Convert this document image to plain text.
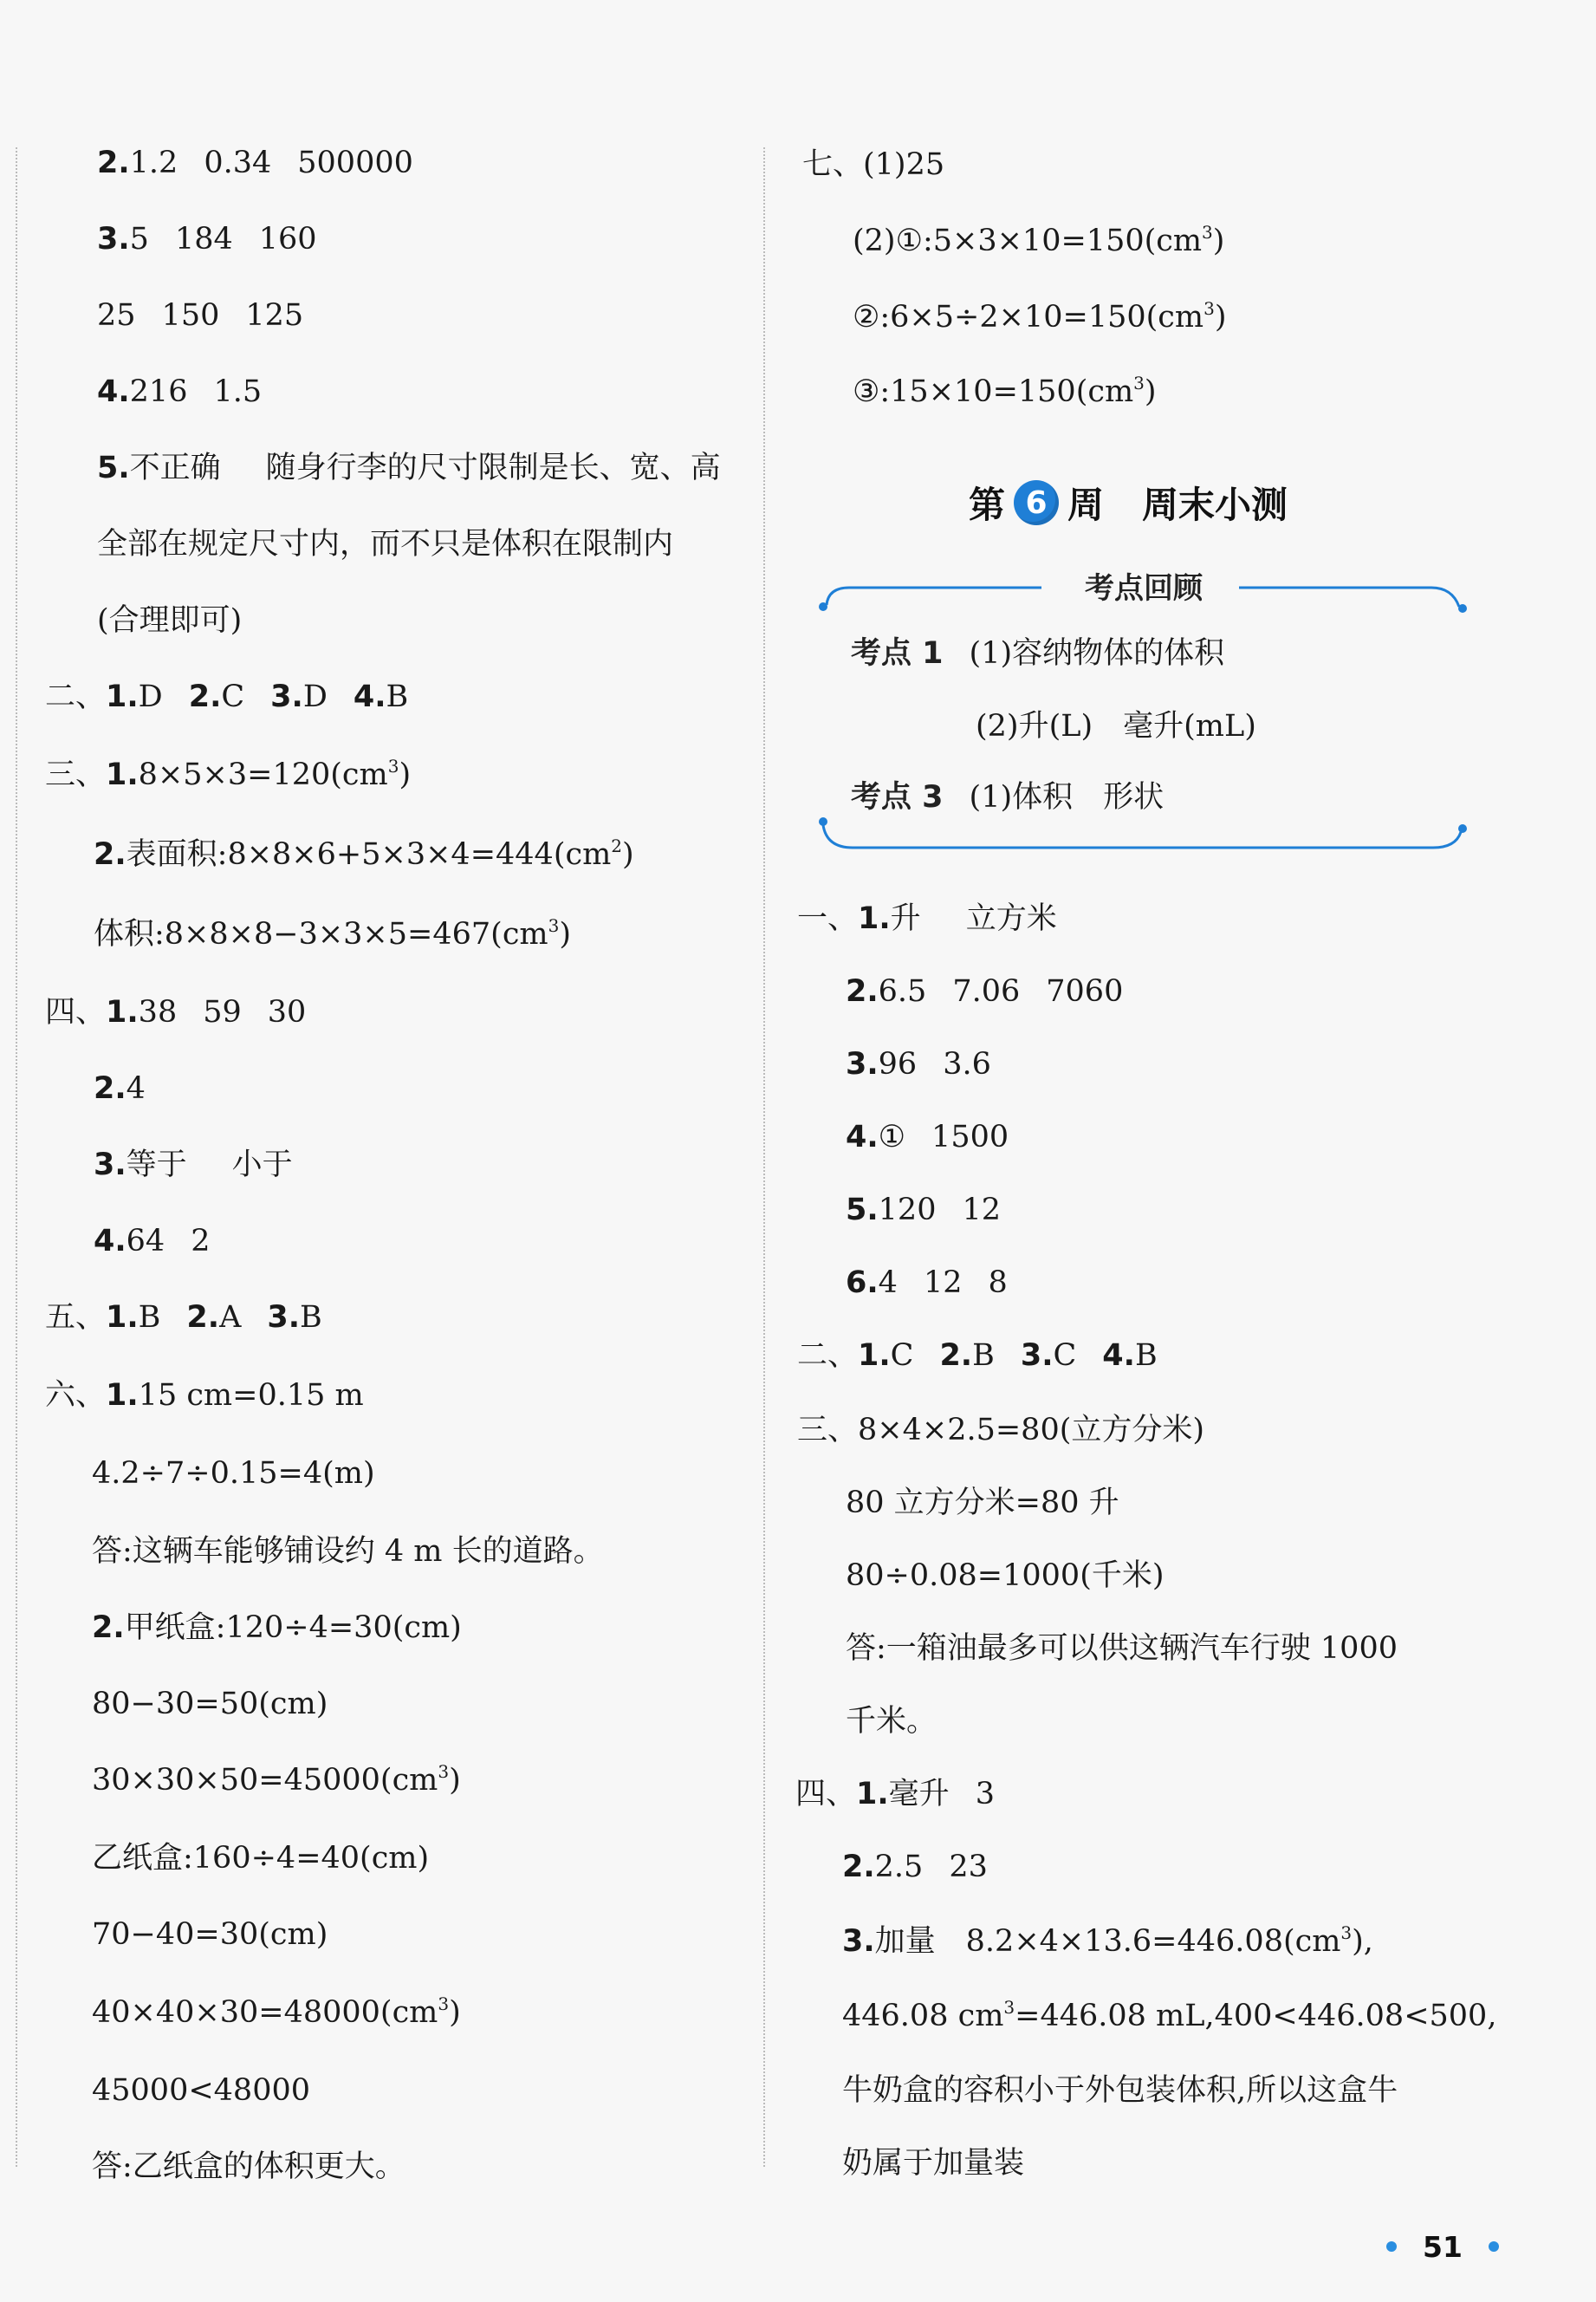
2.1.2 0.34 500000
3.5 184 160
25 150 125
4.216 1.5
5.不正确 随身行李的尺寸限制是长、宽、高
全部在规定尺寸内，而不只是体积在限制内
(合理即可)
二、1.D 2.C 3.D 4.B
三、$1.8\times 5\times 3=120(cm^3)$
2.表面积$:8\times 8\times 6+5\times 3\times 4=444(cm^2)$
体积$:8\times 8\times 8-3\times 3\times 5=467(cm^3)$
四、1.38 59 30
2.4
3.等于 小于
4.64 2
五、1.B 2.A 3.B
六、1.15 cm=0.15 m
4.2÷7÷0.15=4(m)
答:这辆车能够铺设约 4 m 长的道路。
2.甲纸盒:120÷4=30(cm)
80−30=50(cm)
$30\times 30\times 50=45000(cm^3)$
乙纸盒:160÷4=40(cm)
70−40=30(cm)
$40\times 40\times 30=48000(cm^3)$
45000<48000
答:乙纸盒的体积更大。
七、(1)25
$(2)①:5\times 3\times 10=150(cm^3)$
$②:6\times 5\div 2\times 10=150(cm^3)$
$③:15\times 10=150(cm^3)$
第 6 周 周末小测
考点回顾
考点 1 (1)容纳物体的体积
(2)升(L)　毫升(mL)
考点 3 (1)体积　形状
一、1.升 立方米
2.6.5 7.06 7060
3.96 3.6
4.① 1500
5.120 12
6.4 12 8
二、1.C 2.B 3.C 4.B
三、8×4×2.5=80(立方分米)
80 立方分米=80 升
80÷0.08=1000(千米)
答:一箱油最多可以供这辆汽车行驶 1000
千米。
四、1.毫升 3
2.2.5 23
3.加量　$8.2\times 4\times 13.6=446.08(cm^3)$,
446.08 $cm^3=446.08$ mL,400<446.08<500,
牛奶盒的容积小于外包装体积,所以这盒牛
奶属于加量装
51
